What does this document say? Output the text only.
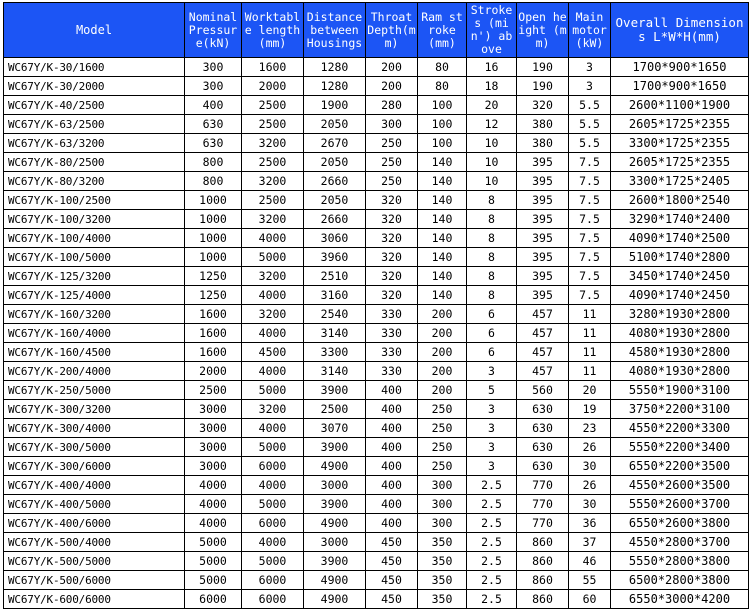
Model	Nominal Pressure(kN)	Worktable length(mm)	Distance between Housings	Throat Depth(mm)	Ram stroke (mm)	Strokes (min') above	Open height (mm)	Main motor (kW)	Overall Dimensions L*W*H(mm)
WC67Y/K-30/1600	300	1600	1280	200	80	16	190	3	1700*900*1650
WC67Y/K-30/2000	300	2000	1280	200	80	18	190	3	1700*900*1650
WC67Y/K-40/2500	400	2500	1900	280	100	20	320	5.5	2600*1100*1900
WC67Y/K-63/2500	630	2500	2050	300	100	12	380	5.5	2605*1725*2355
WC67Y/K-63/3200	630	3200	2670	250	100	10	380	5.5	3300*1725*2355
WC67Y/K-80/2500	800	2500	2050	250	140	10	395	7.5	2605*1725*2355
WC67Y/K-80/3200	800	3200	2660	250	140	10	395	7.5	3300*1725*2405
WC67Y/K-100/2500	1000	2500	2050	320	140	8	395	7.5	2600*1800*2540
WC67Y/K-100/3200	1000	3200	2660	320	140	8	395	7.5	3290*1740*2400
WC67Y/K-100/4000	1000	4000	3060	320	140	8	395	7.5	4090*1740*2500
WC67Y/K-100/5000	1000	5000	3960	320	140	8	395	7.5	5100*1740*2800
WC67Y/K-125/3200	1250	3200	2510	320	140	8	395	7.5	3450*1740*2450
WC67Y/K-125/4000	1250	4000	3160	320	140	8	395	7.5	4090*1740*2450
WC67Y/K-160/3200	1600	3200	2540	330	200	6	457	11	3280*1930*2800
WC67Y/K-160/4000	1600	4000	3140	330	200	6	457	11	4080*1930*2800
WC67Y/K-160/4500	1600	4500	3300	330	200	6	457	11	4580*1930*2800
WC67Y/K-200/4000	2000	4000	3140	330	200	3	457	11	4080*1930*2800
WC67Y/K-250/5000	2500	5000	3900	400	200	5	560	20	5550*1900*3100
WC67Y/K-300/3200	3000	3200	2500	400	250	3	630	19	3750*2200*3100
WC67Y/K-300/4000	3000	4000	3070	400	250	3	630	23	4550*2200*3300
WC67Y/K-300/5000	3000	5000	3900	400	250	3	630	26	5550*2200*3400
WC67Y/K-300/6000	3000	6000	4900	400	250	3	630	30	6550*2200*3500
WC67Y/K-400/4000	4000	4000	3000	400	300	2.5	770	26	4550*2600*3500
WC67Y/K-400/5000	4000	5000	3900	400	300	2.5	770	30	5550*2600*3700
WC67Y/K-400/6000	4000	6000	4900	400	300	2.5	770	36	6550*2600*3800
WC67Y/K-500/4000	5000	4000	3000	450	350	2.5	860	37	4550*2800*3700
WC67Y/K-500/5000	5000	5000	3900	450	350	2.5	860	46	5550*2800*3800
WC67Y/K-500/6000	5000	6000	4900	450	350	2.5	860	55	6500*2800*3800
WC67Y/K-600/6000	6000	6000	4900	450	350	2.5	860	60	6550*3000*4200
